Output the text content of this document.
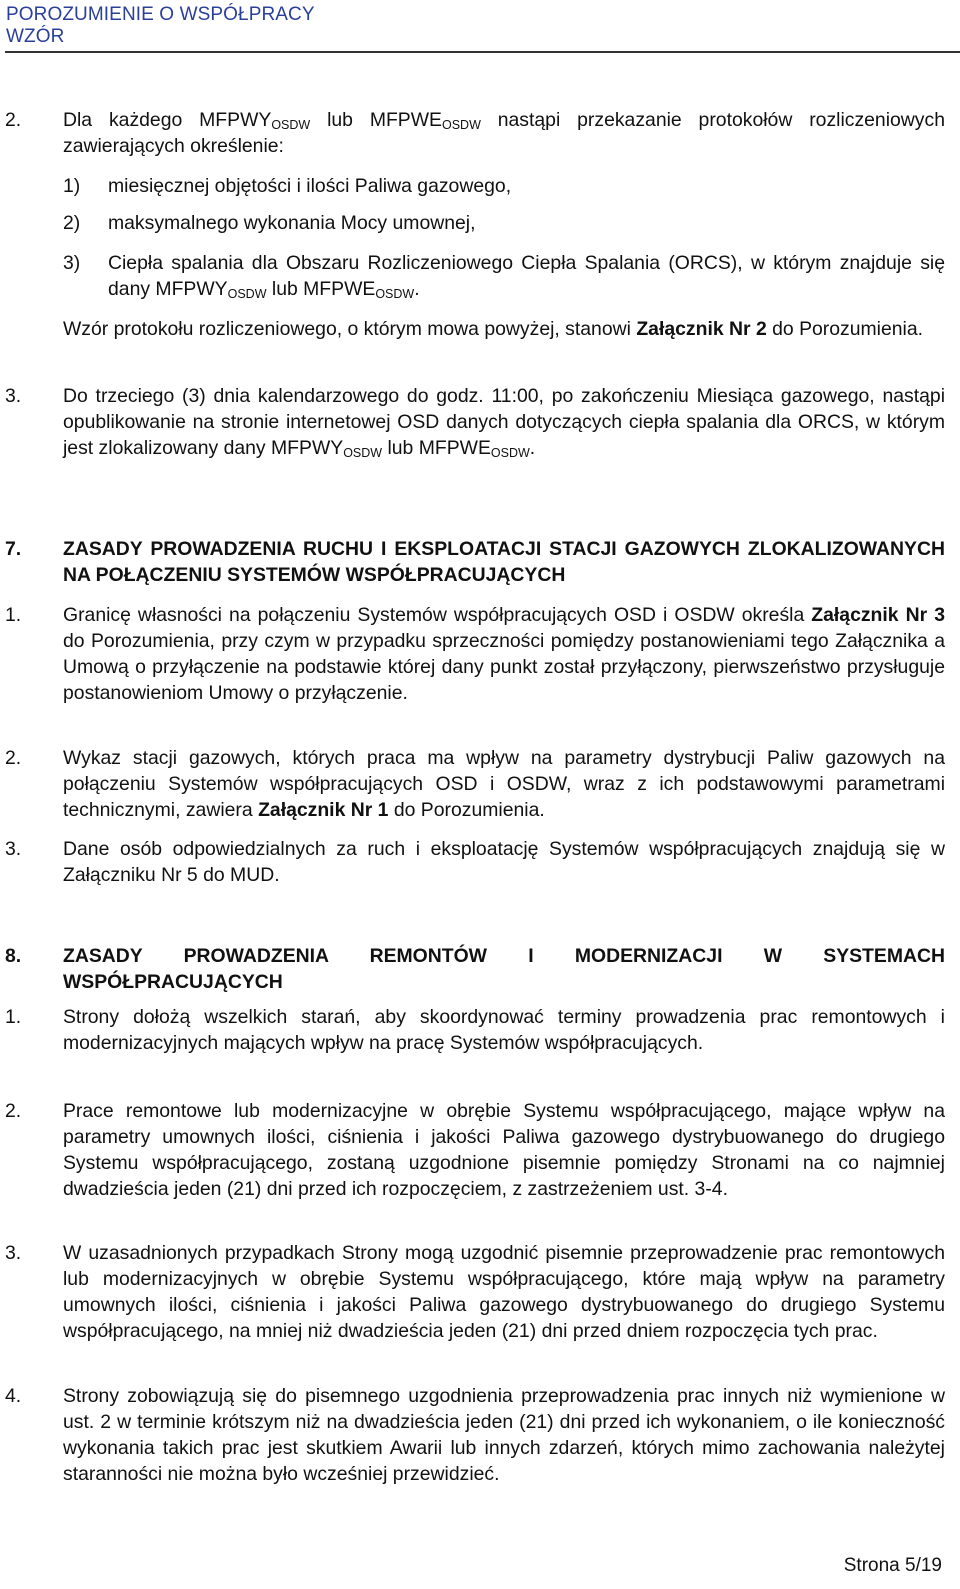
POROZUMIENIE O WSPÓŁPRACY
WZÓR
2. Dla każdego $MFPWY_{OSDW}$ lub $MFPWE_{OSDW}$ nastąpi przekazanie protokołów rozliczeniowych zawierających określenie:
1) miesięcznej objętości i ilości Paliwa gazowego,
2) maksymalnego wykonania Mocy umownej,
3) Ciepła spalania dla Obszaru Rozliczeniowego Ciepła Spalania (ORCS), w którym znajduje się dany $MFPWY_{OSDW}$ lub $MFPWE_{OSDW}$.
Wzór protokołu rozliczeniowego, o którym mowa powyżej, stanowi Załącznik Nr 2 do Porozumienia.
3. Do trzeciego (3) dnia kalendarzowego do godz. 11:00, po zakończeniu Miesiąca gazowego, nastąpi opublikowanie na stronie internetowej OSD danych dotyczących ciepła spalania dla ORCS, w którym jest zlokalizowany dany $MFPWY_{OSDW}$ lub $MFPWE_{OSDW}$.
7. ZASADY PROWADZENIA RUCHU I EKSPLOATACJI STACJI GAZOWYCH ZLOKALIZOWANYCH NA POŁĄCZENIU SYSTEMÓW WSPÓŁPRACUJĄCYCH
1. Granicę własności na połączeniu Systemów współpracujących OSD i OSDW określa Załącznik Nr 3 do Porozumienia, przy czym w przypadku sprzeczności pomiędzy postanowieniami tego Załącznika a Umową o przyłączenie na podstawie której dany punkt został przyłączony, pierwszeństwo przysługuje postanowieniom Umowy o przyłączenie.
2. Wykaz stacji gazowych, których praca ma wpływ na parametry dystrybucji Paliw gazowych na połączeniu Systemów współpracujących OSD i OSDW, wraz z ich podstawowymi parametrami technicznymi, zawiera Załącznik Nr 1 do Porozumienia.
3. Dane osób odpowiedzialnych za ruch i eksploatację Systemów współpracujących znajdują się w Załączniku Nr 5 do MUD.
8. ZASADY PROWADZENIA REMONTÓW I MODERNIZACJI W SYSTEMACH WSPÓŁPRACUJĄCYCH
1. Strony dołożą wszelkich starań, aby skoordynować terminy prowadzenia prac remontowych i modernizacyjnych mających wpływ na pracę Systemów współpracujących.
2. Prace remontowe lub modernizacyjne w obrębie Systemu współpracującego, mające wpływ na parametry umownych ilości, ciśnienia i jakości Paliwa gazowego dystrybuowanego do drugiego Systemu współpracującego, zostaną uzgodnione pisemnie pomiędzy Stronami na co najmniej dwadzieścia jeden (21) dni przed ich rozpoczęciem, z zastrzeżeniem ust. 3-4.
3. W uzasadnionych przypadkach Strony mogą uzgodnić pisemnie przeprowadzenie prac remontowych lub modernizacyjnych w obrębie Systemu współpracującego, które mają wpływ na parametry umownych ilości, ciśnienia i jakości Paliwa gazowego dystrybuowanego do drugiego Systemu współpracującego, na mniej niż dwadzieścia jeden (21) dni przed dniem rozpoczęcia tych prac.
4. Strony zobowiązują się do pisemnego uzgodnienia przeprowadzenia prac innych niż wymienione w ust. 2 w terminie krótszym niż na dwadzieścia jeden (21) dni przed ich wykonaniem, o ile konieczność wykonania takich prac jest skutkiem Awarii lub innych zdarzeń, których mimo zachowania należytej staranności nie można było wcześniej przewidzieć.
Strona 5/19
